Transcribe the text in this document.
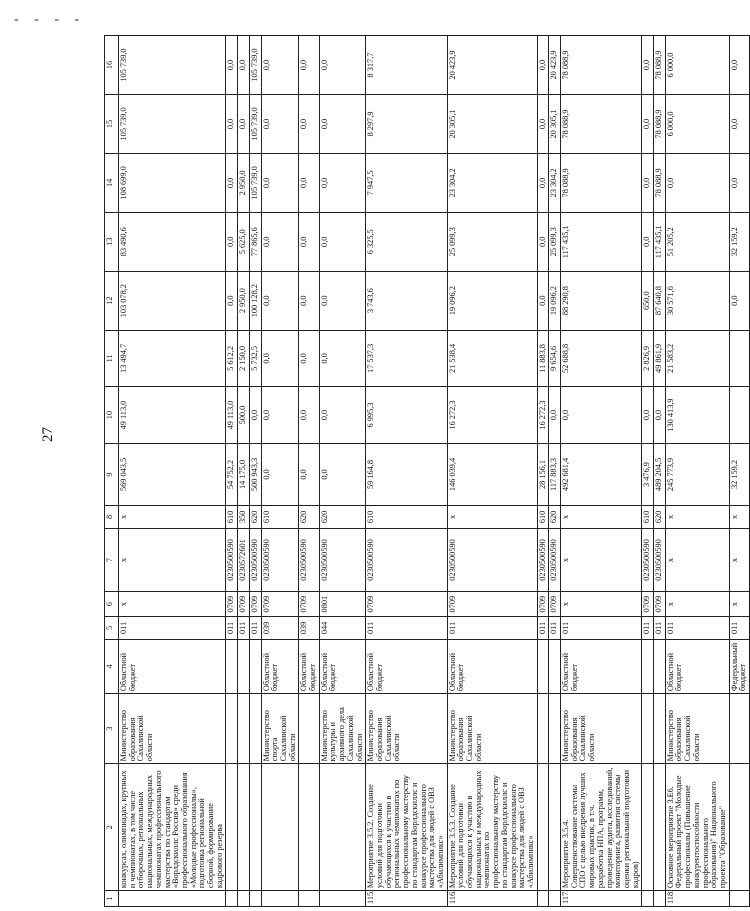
- - - -
27
1	2	3	4	5	6	7	8	9	10	11	12	13	14	15	16
	конкурсах, олимпиадах, крупных и чемпионатах, в том числе отборочных, региональных национальных, международных чемпионатах профессионального мастерства по стандартам «Ворлдскиллс Россия» среди профессионального образования «Молодые профессионалы», подготовка региональной сборной, формирование кадрового резерва	Министерство образования Сахалинской области	Областной бюджет	011	х	х	х	569 043,5	49 113,0	13 494,7	103 078,2	83 490,6	108 699,0	105 739,0	105 739,0
				011	0709	0230500590	610	54 752,2	49 113,0	5 612,2	0,0	0,0	0,0	0,0	0,0
				011	0709	0230572601	350	14 175,0	500,0	2 150,0	2 950,0	5 625,0	2 950,0	0,0	0,0
				011	0709	0230500590	620	500 943,3	0,0	5 732,5	100 128,2	77 865,6	105 739,0	105 739,0	105 739,0
		Министерство спорта Сахалинской области	Областной бюджет	039	0709	0230500590	610	0,0	0,0	0,0	0,0	0,0	0,0	0,0	0,0
			Областной бюджет	039	0709	0230500590	620	0,0	0,0	0,0	0,0	0,0	0,0	0,0	0,0
		Министерство культуры и архивного дела Сахалинской области	Областной бюджет	044	0801	0230500590	620	0,0	0,0	0,0	0,0	0,0	0,0	0,0	0,0
115.	Мероприятие 3.5.2. Создание условий для подготовки обучающихся к участию в региональных чемпионатах по профессиональному мастерству по стандартам Ворлдскиллс и конкурсе профессионального мастерства для людей с ОВЗ «Абилимпикс»	Министерство образования Сахалинской области	Областной бюджет	011	0709	0230500590	610	59 164,8	6 995,3	17 537,3	3 743,6	6 325,5	7 947,5	8 297,9	8 317,7
116.	Мероприятие 3.5.3. Создание условий для подготовки обучающихся к участию в национальных и международных чемпионатах по профессиональному мастерству по стандартам Ворлдскиллс и конкурсе профессионального мастерства для людей с ОВЗ «Абилимпикс»	Министерство образования Сахалинской области	Областной бюджет	011	0709	0230500590	х	146 039,4	16 272,3	21 538,4	19 096,2	25 099,3	23 304,2	20 305,1	20 423,9
				011	0709	0230500590	610	28 156,1	16 272,3	11 883,8	0,0	0,0	0,0	0,0	0,0
				011	0709	0230500590	620	117 883,3	0,0	9 654,6	19 096,2	25 099,3	23 304,2	20 305,1	20 423,9
117.	Мероприятие 3.5.4. Совершенствование системы СПО с целью внедрения лучших мировых практик, в т.ч. разработка НПА, программ, проведение аудита, исследований, мониторинга, развития системы оценки региональной подготовки кадров)	Министерство образования Сахалинской области	Областной бюджет	011	х	х	х	492 681,4	0,0	52 688,8	88 290,8	117 435,1	78 088,9	78 088,9	78 088,9
				011	0709	0230500590	610	3 476,9	0,0	2 826,9	650,0	0,0	0,0	0,0	0,0
				011	0709	0230500590	620	489 204,5	0,0	49 861,9	87 640,8	117 435,1	78 088,9	78 088,9	78 088,9
118.	Основное мероприятие 3.Е6. Федеральный проект "Молодые профессионалы (Повышение конкурентоспособности профессионального образования)" Национального проекта "Образование"	Министерство образования Сахалинской области	Областной бюджет	011	х	х	х	245 773,9	130 413,9	21 583,2	30 571,6	51 205,2	0,0	6 000,0	6 000,0
			Федеральный бюджет	011	х	х	х	32 159,2			0,0	32 159,2	0,0	0,0	0,0
